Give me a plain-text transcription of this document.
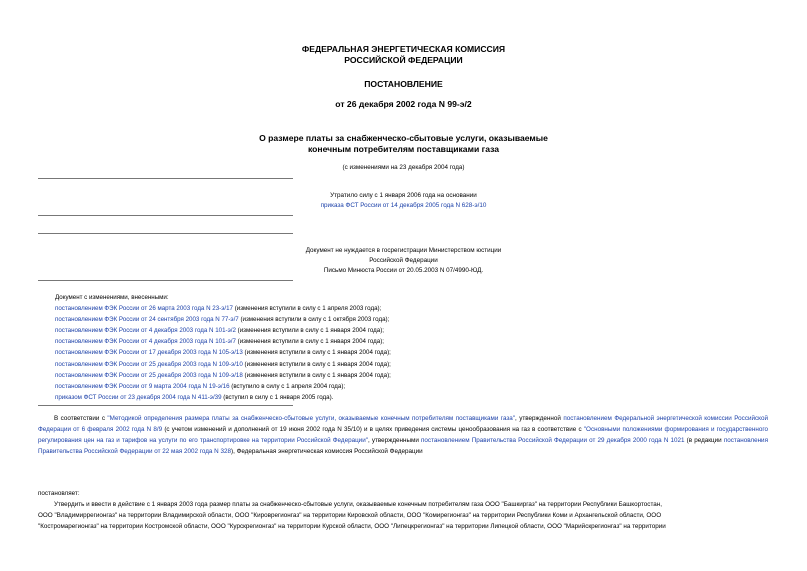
ФЕДЕРАЛЬНАЯ ЭНЕРГЕТИЧЕСКАЯ КОМИССИЯ
РОССИЙСКОЙ ФЕДЕРАЦИИ
ПОСТАНОВЛЕНИЕ
от 26 декабря 2002 года N 99-э/2
О размере платы за снабженческо-сбытовые услуги, оказываемые
конечным потребителям поставщиками газа
(с изменениями на 23 декабря 2004 года)
Утратило силу с 1 января 2006 года на основании
приказа ФСТ России от 14 декабря 2005 года N 628-э/10
Документ не нуждается в госрегистрации Министерством юстиции
Российской Федерации
Письмо Минюста России от 20.05.2003 N 07/4990-ЮД.
Документ с изменениями, внесенными:
постановлением ФЭК России от 26 марта 2003 года N 23-э/17 (изменения вступили в силу с 1 апреля 2003 года);
постановлением ФЭК России от 24 сентября 2003 года N 77-э/7 (изменения вступили в силу с 1 октября 2003 года);
постановлением ФЭК России от 4 декабря 2003 года N 101-э/2 (изменения вступили в силу с 1 января 2004 года);
постановлением ФЭК России от 4 декабря 2003 года N 101-э/7 (изменения вступили в силу с 1 января 2004 года);
постановлением ФЭК России от 17 декабря 2003 года N 105-э/13 (изменения вступили в силу с 1 января 2004 года);
постановлением ФЭК России от 25 декабря 2003 года N 109-э/10 (изменения вступили в силу с 1 января 2004 года);
постановлением ФЭК России от 25 декабря 2003 года N 109-э/18 (изменения вступили в силу с 1 января 2004 года);
постановлением ФЭК России от 9 марта 2004 года N 19-э/16 (вступило в силу с 1 апреля 2004 года);
приказом ФСТ России от 23 декабря 2004 года N 411-э/39 (вступил в силу с 1 января 2005 года).
В соответствии с "Методикой определения размера платы за снабженческо-сбытовые услуги, оказываемые конечным потребителям поставщиками газа", утвержденной постановлением Федеральной энергетической комиссии Российской Федерации от 6 февраля 2002 года N 8/9 (с учетом изменений и дополнений от 19 июня 2002 года N 35/10) и в целях приведения системы ценообразования на газ в соответствие с "Основными положениями формирования и государственного регулирования цен на газ и тарифов на услуги по его транспортировке на территории Российской Федерации", утвержденными постановлением Правительства Российской Федерации от 29 декабря 2000 года N 1021 (в редакции постановления Правительства Российской Федерации от 22 мая 2002 года N 328), Федеральная энергетическая комиссия Российской Федерации
постановляет:
Утвердить и ввести в действие с 1 января 2003 года размер платы за снабженческо-сбытовые услуги, оказываемые конечным потребителям газа ООО "Башкиргаз" на территории Республики Башкортостан,
ООО "Владимиррегионгаз" на территории Владимирской области, ООО "Кироврегионгаз" на территории Кировской области, ООО "Комирегионгаз" на территории Республики Коми и Архангельской области, ООО
"Костромарегионгаз" на территории Костромской области, ООО "Курскрегионгаз" на территории Курской области, ООО "Липецкрегионгаз" на территории Липецкой области, ООО "Марийскрегионгаз" на территории
